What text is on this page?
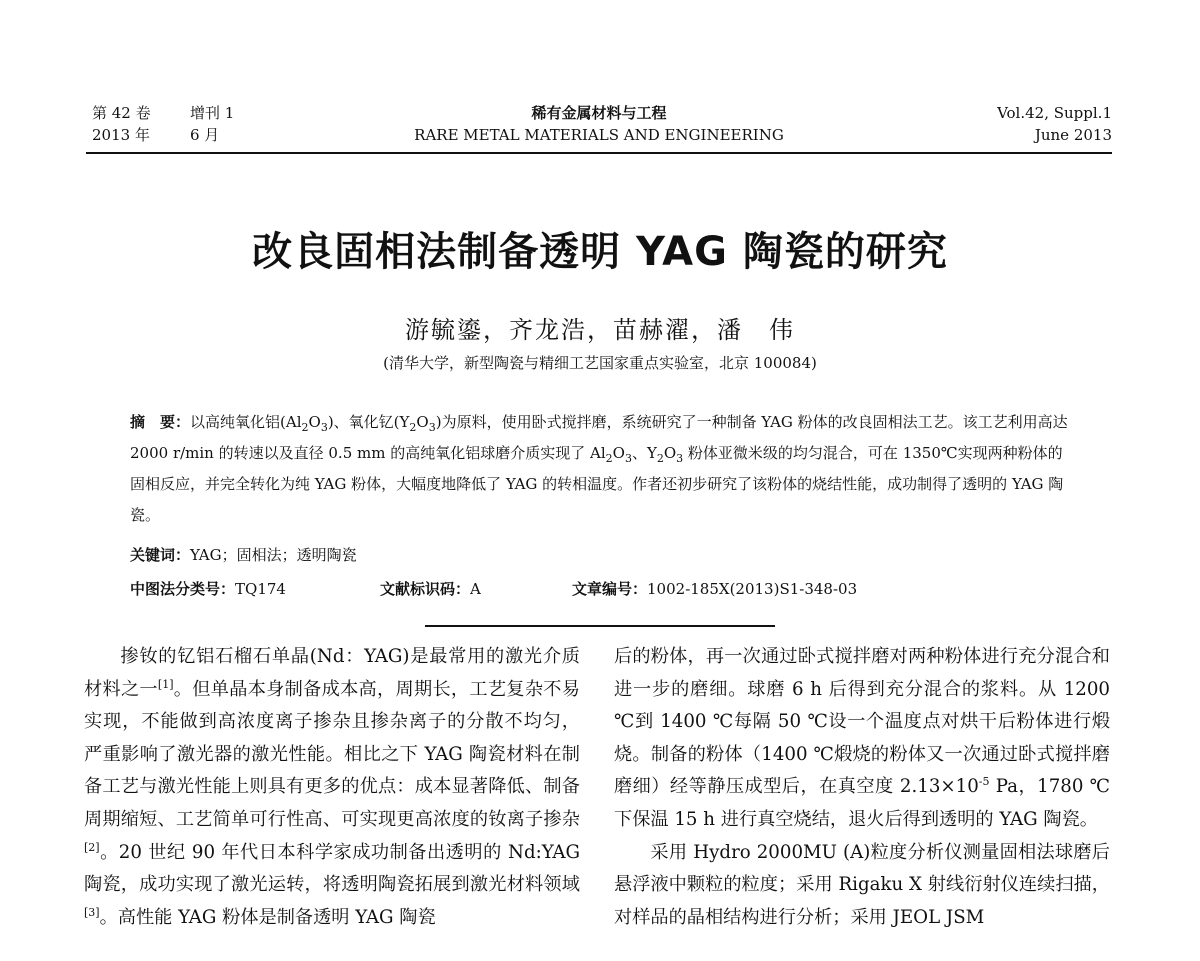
第 42 卷	增刊 1
2013 年	6 月
稀有金属材料与工程
RARE METAL MATERIALS AND ENGINEERING
Vol.42, Suppl.1
June 2013
改良固相法制备透明 YAG 陶瓷的研究
游毓鎏，齐龙浩，苗赫濯，潘　伟
(清华大学，新型陶瓷与精细工艺国家重点实验室，北京 100084)

摘　要：以高纯氧化铝$(Al_2O_3)$、氧化钇$(Y_2O_3)$为原料，使用卧式搅拌磨，系统研究了一种制备 YAG 粉体的改良固相法工艺。该工艺利用高达 2000 r/min 的转速以及直径 0.5 mm 的高纯氧化铝球磨介质实现了 $Al_2O_3$、$Y_2O_3$ 粉体亚微米级的均匀混合，可在 1350℃实现两种粉体的固相反应，并完全转化为纯 YAG 粉体，大幅度地降低了 YAG 的转相温度。作者还初步研究了该粉体的烧结性能，成功制得了透明的 YAG 陶瓷。

关键词：YAG；固相法；透明陶瓷
中图法分类号：TQ174	文献标识码：A	文章编号：1002-185X(2013)S1-348-03

掺钕的钇铝石榴石单晶(Nd：YAG)是最常用的激光介质材料之一[1]。但单晶本身制备成本高，周期长，工艺复杂不易实现，不能做到高浓度离子掺杂且掺杂离子的分散不均匀， 严重影响了激光器的激光性能。相比之下 YAG 陶瓷材料在制备工艺与激光性能上则具有更多的优点：成本显著降低、制备周期缩短、工艺简单可行性高、可实现更高浓度的钕离子掺杂[2]。20 世纪 90 年代日本科学家成功制备出透明的 Nd:YAG 陶瓷，成功实现了激光运转，将透明陶瓷拓展到激光材料领域[3]。高性能 YAG 粉体是制备透明 YAG 陶瓷

后的粉体，再一次通过卧式搅拌磨对两种粉体进行充分混合和进一步的磨细。球磨 6 h 后得到充分混合的浆料。从 1200 ℃到 1400 ℃每隔 50 ℃设一个温度点对烘干后粉体进行煅烧。制备的粉体（1400 ℃煅烧的粉体又一次通过卧式搅拌磨磨细）经等静压成型后，在真空度 $2.13\times 10^{-5}$ Pa，1780 ℃下保温 15 h 进行真空烧结，退火后得到透明的 YAG 陶瓷。

采用 Hydro 2000MU (A)粒度分析仪测量固相法球磨后悬浮液中颗粒的粒度；采用 Rigaku X 射线衍射仪连续扫描，对样品的晶相结构进行分析；采用 JEOL JSM
